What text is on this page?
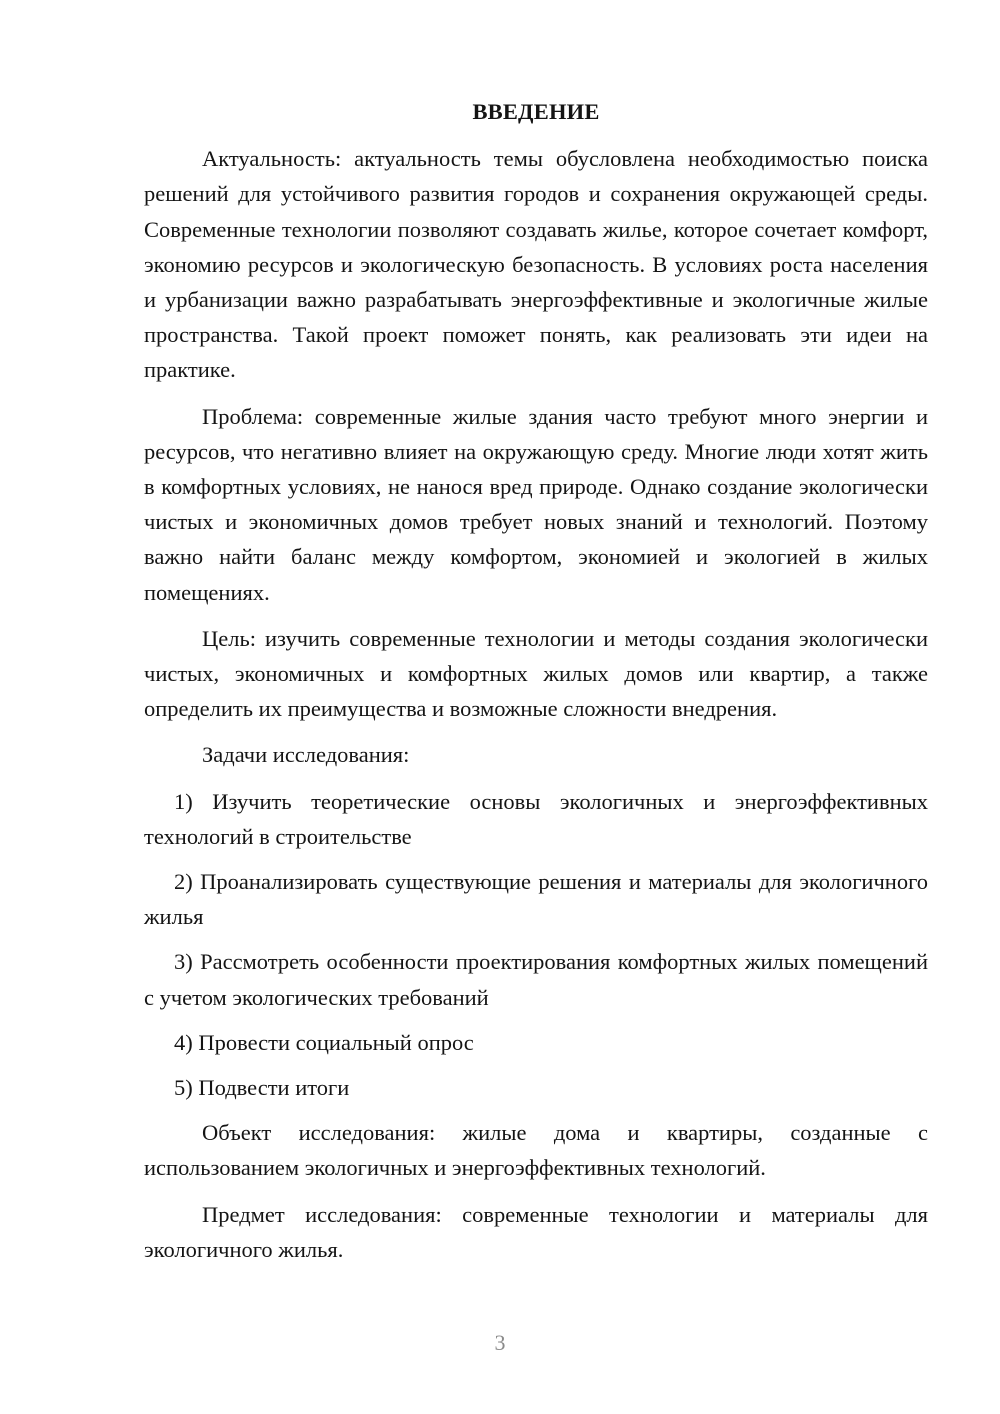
ВВЕДЕНИЕ

Актуальность: актуальность темы обусловлена необходимостью поиска решений для устойчивого развития городов и сохранения окружающей среды. Современные технологии позволяют создавать жилье, которое сочетает комфорт, экономию ресурсов и экологическую безопасность. В условиях роста населения и урбанизации важно разрабатывать энергоэффективные и экологичные жилые пространства. Такой проект поможет понять, как реализовать эти идеи на практике.

Проблема: современные жилые здания часто требуют много энергии и ресурсов, что негативно влияет на окружающую среду. Многие люди хотят жить в комфортных условиях, не нанося вред природе. Однако создание экологически чистых и экономичных домов требует новых знаний и технологий. Поэтому важно найти баланс между комфортом, экономией и экологией в жилых помещениях.

Цель: изучить современные технологии и методы создания экологически чистых, экономичных и комфортных жилых домов или квартир, а также определить их преимущества и возможные сложности внедрения.

Задачи исследования:

1) Изучить теоретические основы экологичных и энергоэффективных технологий в строительстве

2) Проанализировать существующие решения и материалы для экологичного жилья

3) Рассмотреть особенности проектирования комфортных жилых помещений с учетом экологических требований

4) Провести социальный опрос

5) Подвести итоги

Объект исследования: жилые дома и квартиры, созданные с использованием экологичных и энергоэффективных технологий.

Предмет исследования: современные технологии и материалы для экологичного жилья.

3
